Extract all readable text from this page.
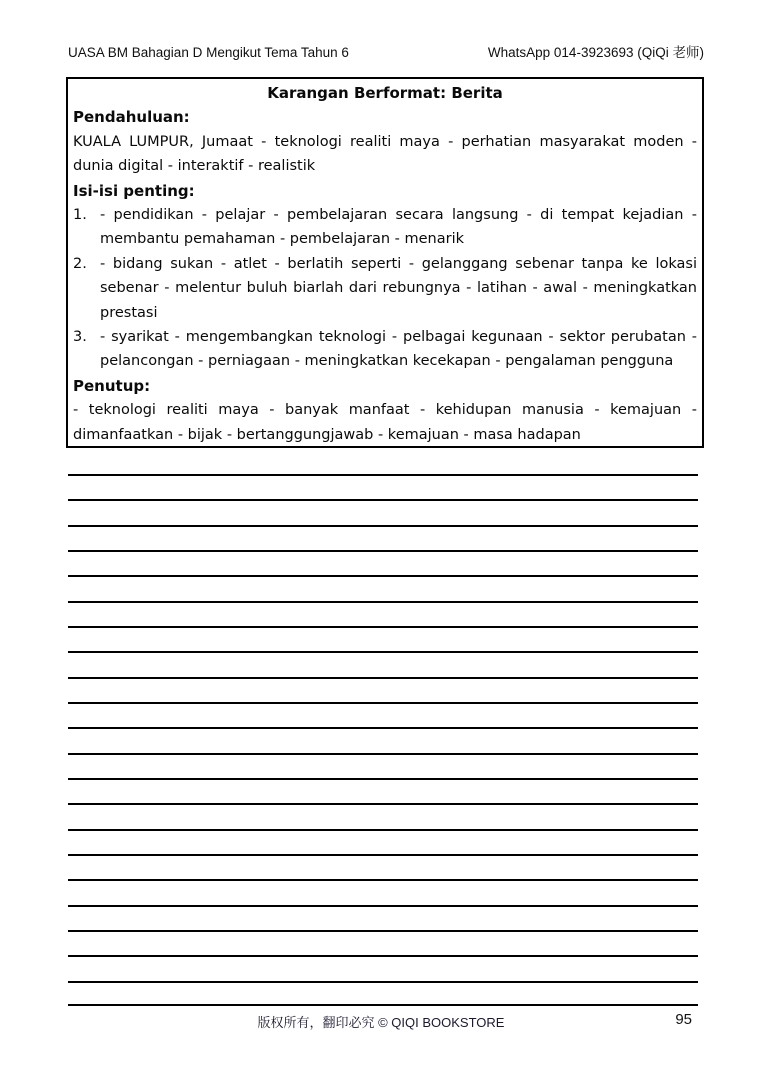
UASA BM Bahagian D Mengikut Tema Tahun 6	WhatsApp 014-3923693 (QiQi 老师)
Karangan Berformat: Berita
Pendahuluan:
KUALA LUMPUR, Jumaat - teknologi realiti maya - perhatian masyarakat moden - dunia digital - interaktif - realistik
Isi-isi penting:
1. - pendidikan - pelajar - pembelajaran secara langsung - di tempat kejadian - membantu pemahaman - pembelajaran - menarik
2. - bidang sukan - atlet - berlatih seperti - gelanggang sebenar tanpa ke lokasi sebenar - melentur buluh biarlah dari rebungnya - latihan - awal - meningkatkan prestasi
3. - syarikat - mengembangkan teknologi - pelbagai kegunaan - sektor perubatan - pelancongan - perniagaan - meningkatkan kecekapan - pengalaman pengguna
Penutup:
- teknologi realiti maya - banyak manfaat - kehidupan manusia - kemajuan - dimanfaatkan - bijak - bertanggungjawab - kemajuan - masa hadapan
版权所有，翻印必究 © QIQI BOOKSTORE	95
